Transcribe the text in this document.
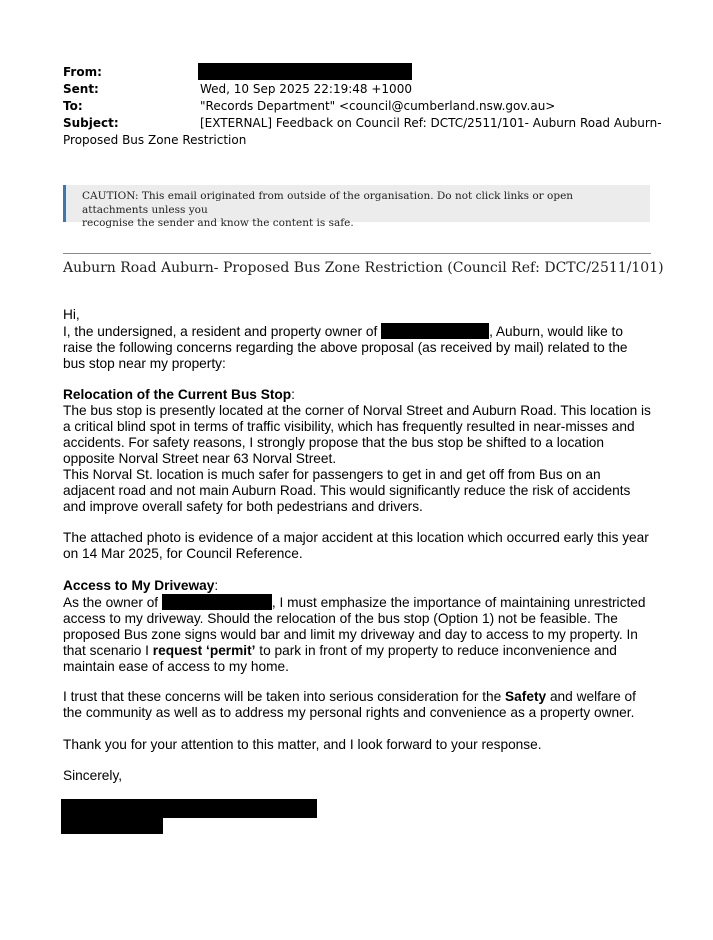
From:
Sent:	Wed, 10 Sep 2025 22:19:48 +1000
To:	"Records Department" <council@cumberland.nsw.gov.au>
Subject:	[EXTERNAL] Feedback on Council Ref: DCTC/2511/101- Auburn Road Auburn-
Proposed Bus Zone Restriction
CAUTION: This email originated from outside of the organisation. Do not click links or open attachments unless you
recognise the sender and know the content is safe.
Auburn Road Auburn- Proposed Bus Zone Restriction (Council Ref: DCTC/2511/101)
Hi,
I, the undersigned, a resident and property owner of	, Auburn, would like to raise the following concerns regarding the above proposal (as received by mail) related to the bus stop near my property:
Relocation of the Current Bus Stop:
The bus stop is presently located at the corner of Norval Street and Auburn Road. This location is a critical blind spot in terms of traffic visibility, which has frequently resulted in near-misses and accidents. For safety reasons, I strongly propose that the bus stop be shifted to a location opposite Norval Street near 63 Norval Street.
This Norval St. location is much safer for passengers to get in and get off from Bus on an adjacent road and not main Auburn Road. This would significantly reduce the risk of accidents and improve overall safety for both pedestrians and drivers.
The attached photo is evidence of a major accident at this location which occurred early this year on 14 Mar 2025, for Council Reference.
Access to My Driveway:
As the owner of	, I must emphasize the importance of maintaining unrestricted access to my driveway. Should the relocation of the bus stop (Option 1) not be feasible. The proposed Bus zone signs would bar and limit my driveway and day to access to my property. In that scenario I request ‘permit’ to park in front of my property to reduce inconvenience and maintain ease of access to my home.
I trust that these concerns will be taken into serious consideration for the Safety and welfare of the community as well as to address my personal rights and convenience as a property owner.
Thank you for your attention to this matter, and I look forward to your response.
Sincerely,
